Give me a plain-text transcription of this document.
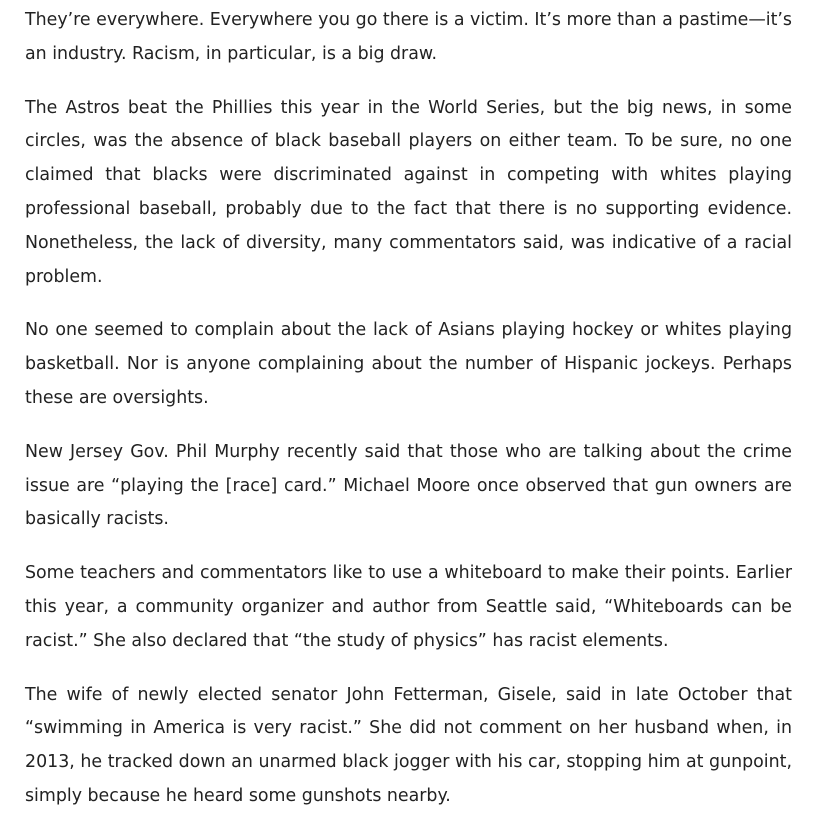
They’re everywhere. Everywhere you go there is a victim. It’s more than a pastime—it’s an industry. Racism, in particular, is a big draw.

The Astros beat the Phillies this year in the World Series, but the big news, in some circles, was the absence of black baseball players on either team. To be sure, no one claimed that blacks were discriminated against in competing with whites playing professional baseball, probably due to the fact that there is no supporting evidence. Nonetheless, the lack of diversity, many commentators said, was indicative of a racial problem.

No one seemed to complain about the lack of Asians playing hockey or whites playing basketball. Nor is anyone complaining about the number of Hispanic jockeys. Perhaps these are oversights.

New Jersey Gov. Phil Murphy recently said that those who are talking about the crime issue are “playing the [race] card.” Michael Moore once observed that gun owners are basically racists.

Some teachers and commentators like to use a whiteboard to make their points. Earlier this year, a community organizer and author from Seattle said, “Whiteboards can be racist.” She also declared that “the study of physics” has racist elements.

The wife of newly elected senator John Fetterman, Gisele, said in late October that “swimming in America is very racist.” She did not comment on her husband when, in 2013, he tracked down an unarmed black jogger with his car, stopping him at gunpoint, simply because he heard some gunshots nearby.
